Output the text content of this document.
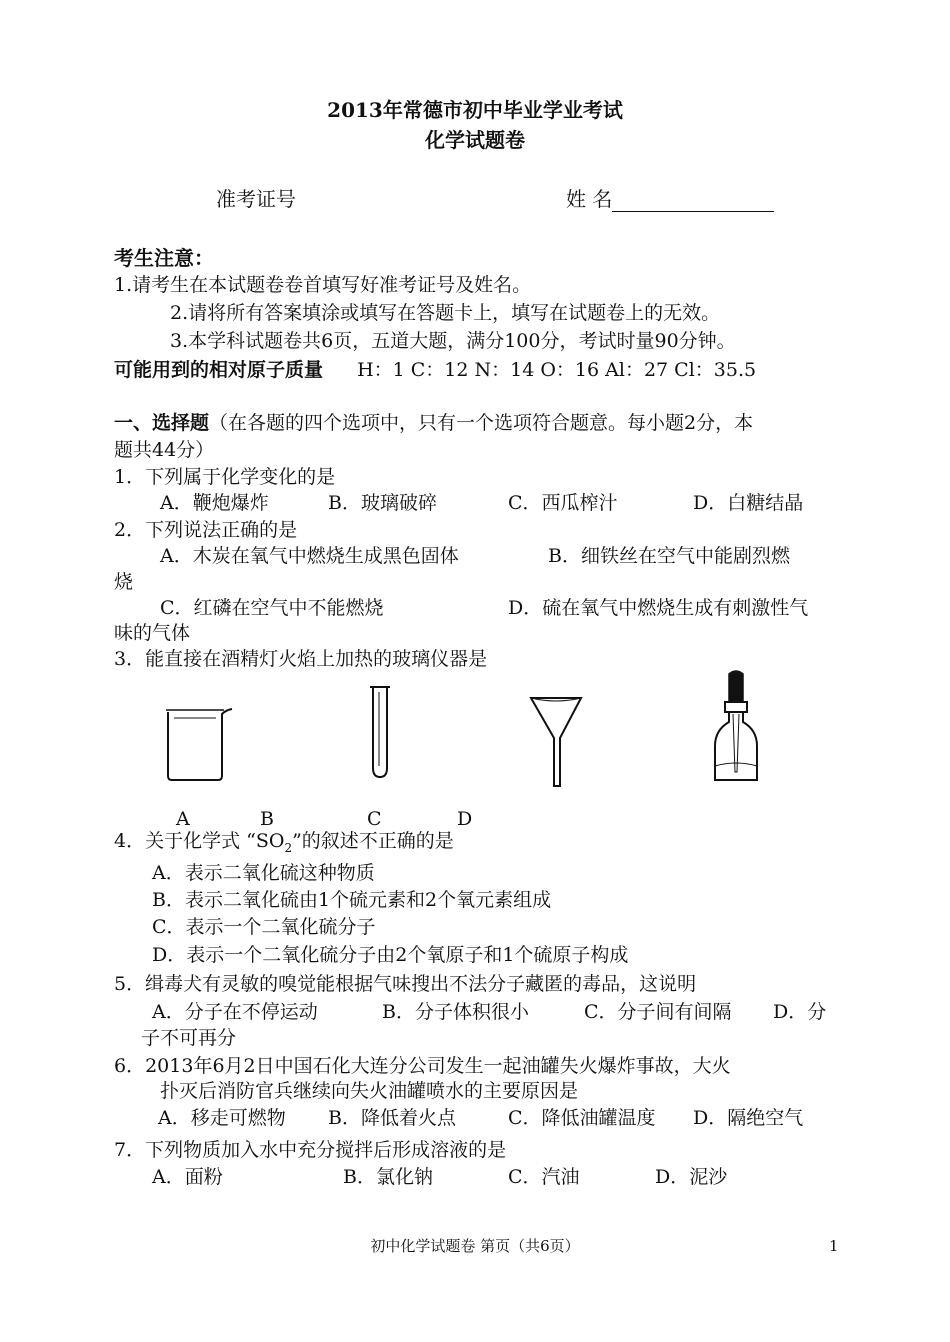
2013年常德市初中毕业学业考试
化学试题卷
准考证号	姓 名
考生注意：
1.请考生在本试题卷卷首填写好准考证号及姓名。
2.请将所有答案填涂或填写在答题卡上，填写在试题卷上的无效。
3.本学科试题卷共6页，五道大题，满分100分，考试时量90分钟。
可能用到的相对原子质量 H：1 C：12 N：14 O：16 Al：27 Cl：35.5
一、选择题（在各题的四个选项中，只有一个选项符合题意。每小题2分，本
题共44分）
1．下列属于化学变化的是
A．鞭炮爆炸	B．玻璃破碎	C．西瓜榨汁	D．白糖结晶
2．下列说法正确的是
A．木炭在氧气中燃烧生成黑色固体	B．细铁丝在空气中能剧烈燃
烧
C．红磷在空气中不能燃烧	D．硫在氧气中燃烧生成有刺激性气
味的气体
3．能直接在酒精灯火焰上加热的玻璃仪器是
A	B	C	D
4．关于化学式 “$SO_2$”的叙述不正确的是
A．表示二氧化硫这种物质
B．表示二氧化硫由1个硫元素和2个氧元素组成
C．表示一个二氧化硫分子
D．表示一个二氧化硫分子由2个氧原子和1个硫原子构成
5．缉毒犬有灵敏的嗅觉能根据气味搜出不法分子藏匿的毒品，这说明
A．分子在不停运动	B．分子体积很小	C．分子间有间隔 D．分
子不可再分
6．2013年6月2日中国石化大连分公司发生一起油罐失火爆炸事故，大火
扑灭后消防官兵继续向失火油罐喷水的主要原因是
A．移走可燃物 B．降低着火点	C．降低油罐温度 D．隔绝空气
7．下列物质加入水中充分搅拌后形成溶液的是
A．面粉	B．氯化钠	C．汽油	D．泥沙
初中化学试题卷 第页（共6页）	1
